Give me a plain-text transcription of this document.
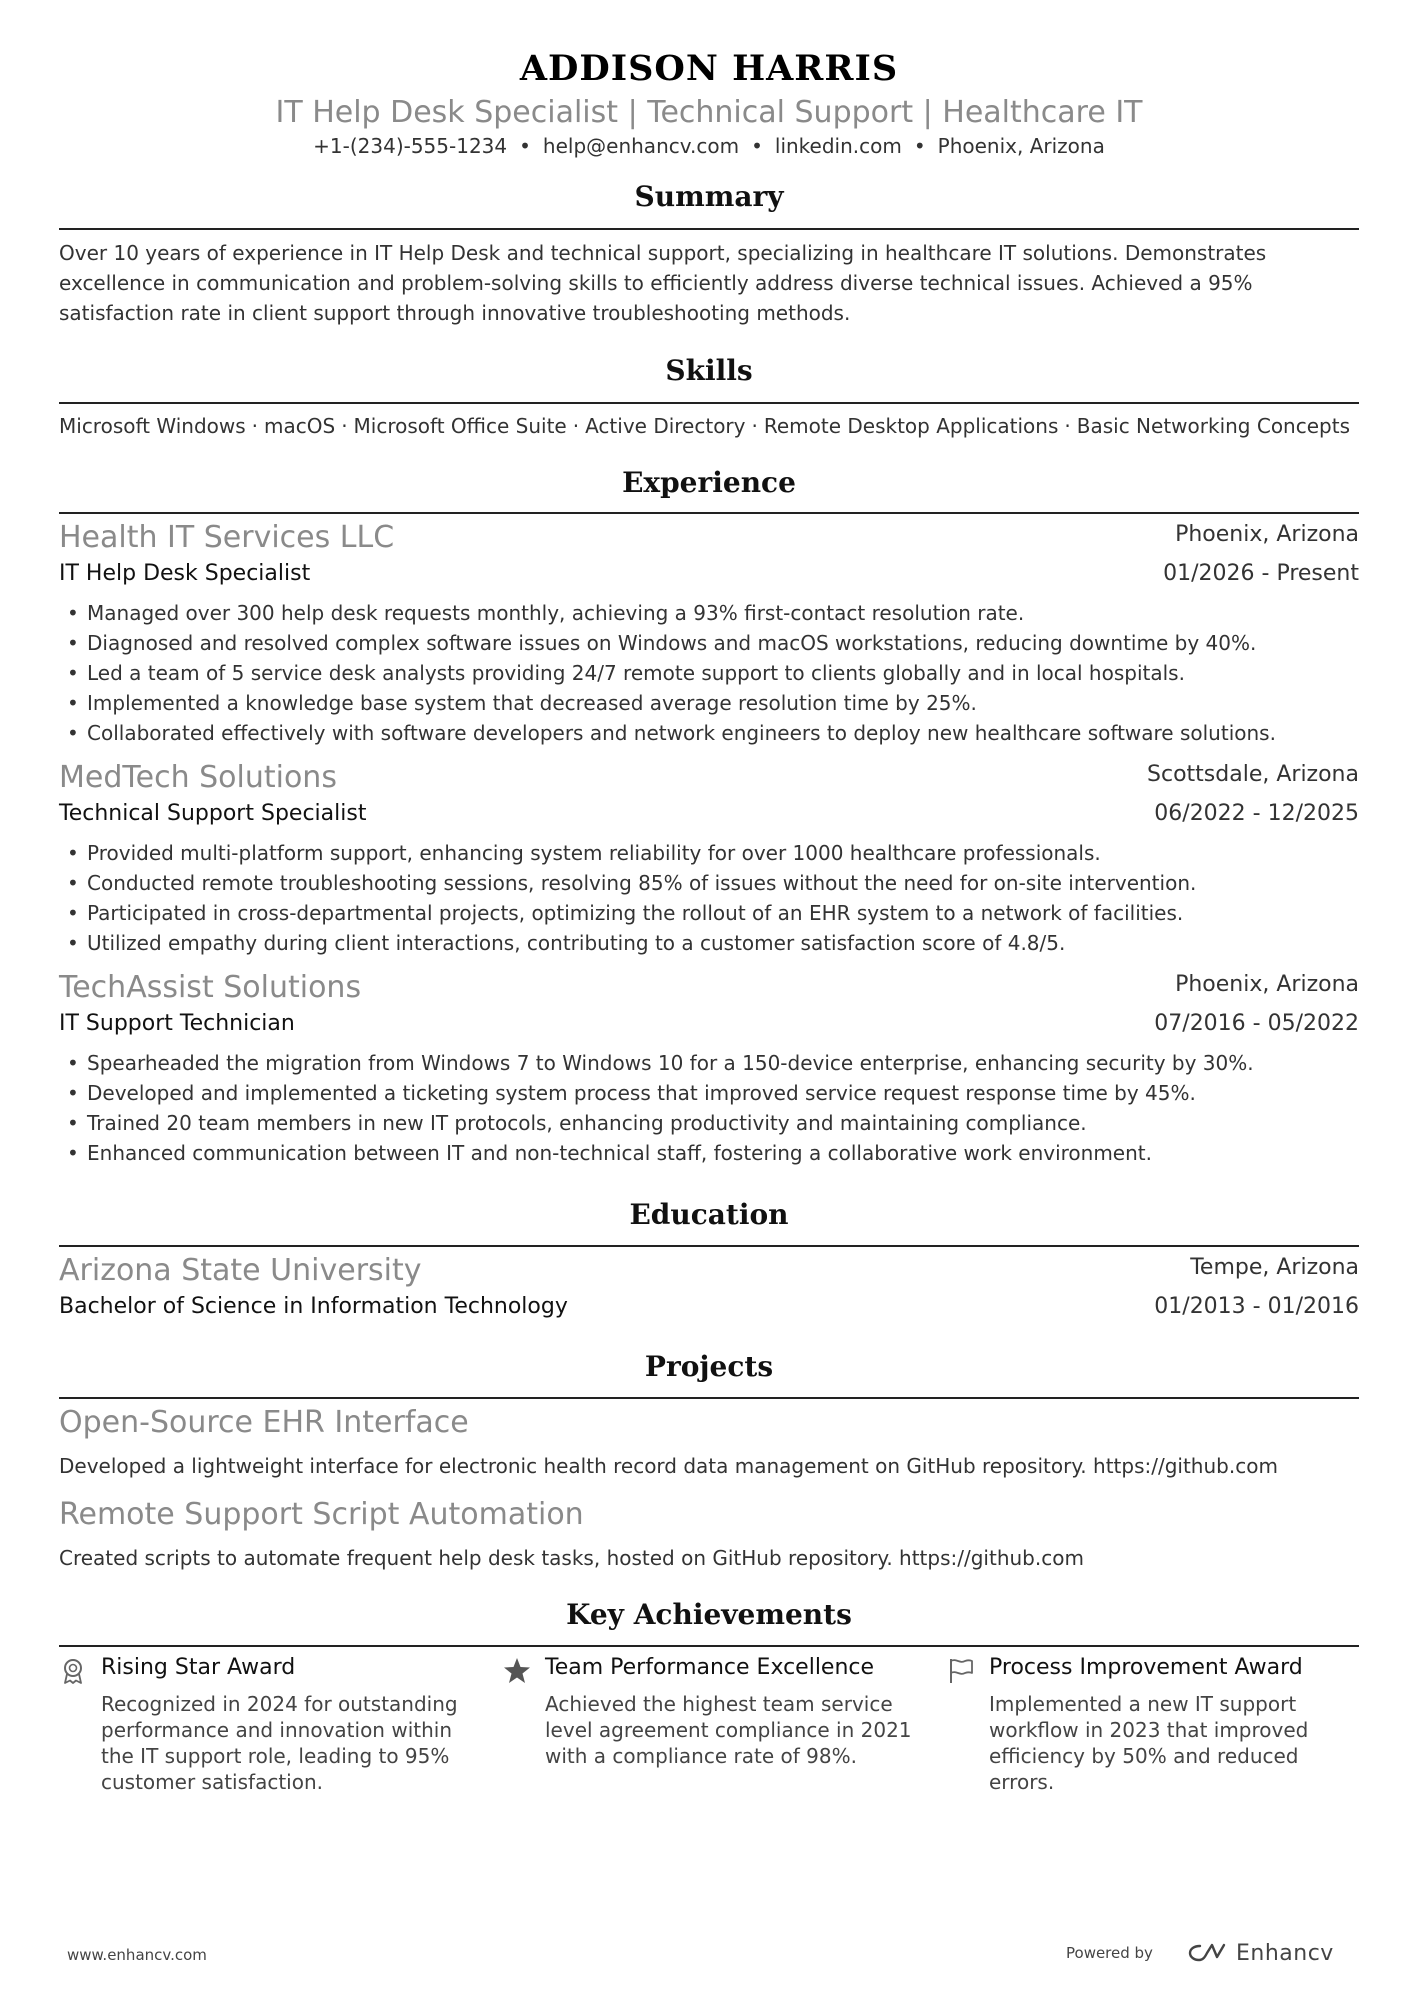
ADDISON HARRIS
IT Help Desk Specialist | Technical Support | Healthcare IT
+1-(234)-555-1234 • help@enhancv.com • linkedin.com • Phoenix, Arizona
Summary
Over 10 years of experience in IT Help Desk and technical support, specializing in healthcare IT solutions. Demonstrates excellence in communication and problem-solving skills to efficiently address diverse technical issues. Achieved a 95% satisfaction rate in client support through innovative troubleshooting methods.
Skills
Microsoft Windows · macOS · Microsoft Office Suite · Active Directory · Remote Desktop Applications · Basic Networking Concepts
Experience
Health IT Services LLC	Phoenix, Arizona
IT Help Desk Specialist	01/2026 - Present
• Managed over 300 help desk requests monthly, achieving a 93% first-contact resolution rate.
• Diagnosed and resolved complex software issues on Windows and macOS workstations, reducing downtime by 40%.
• Led a team of 5 service desk analysts providing 24/7 remote support to clients globally and in local hospitals.
• Implemented a knowledge base system that decreased average resolution time by 25%.
• Collaborated effectively with software developers and network engineers to deploy new healthcare software solutions.
MedTech Solutions	Scottsdale, Arizona
Technical Support Specialist	06/2022 - 12/2025
• Provided multi-platform support, enhancing system reliability for over 1000 healthcare professionals.
• Conducted remote troubleshooting sessions, resolving 85% of issues without the need for on-site intervention.
• Participated in cross-departmental projects, optimizing the rollout of an EHR system to a network of facilities.
• Utilized empathy during client interactions, contributing to a customer satisfaction score of 4.8/5.
TechAssist Solutions	Phoenix, Arizona
IT Support Technician	07/2016 - 05/2022
• Spearheaded the migration from Windows 7 to Windows 10 for a 150-device enterprise, enhancing security by 30%.
• Developed and implemented a ticketing system process that improved service request response time by 45%.
• Trained 20 team members in new IT protocols, enhancing productivity and maintaining compliance.
• Enhanced communication between IT and non-technical staff, fostering a collaborative work environment.
Education
Arizona State University	Tempe, Arizona
Bachelor of Science in Information Technology	01/2013 - 01/2016
Projects
Open-Source EHR Interface
Developed a lightweight interface for electronic health record data management on GitHub repository. https://github.com
Remote Support Script Automation
Created scripts to automate frequent help desk tasks, hosted on GitHub repository. https://github.com
Key Achievements
Rising Star Award
Recognized in 2024 for outstanding performance and innovation within the IT support role, leading to 95% customer satisfaction.
Team Performance Excellence
Achieved the highest team service level agreement compliance in 2021 with a compliance rate of 98%.
Process Improvement Award
Implemented a new IT support workflow in 2023 that improved efficiency by 50% and reduced errors.
www.enhancv.com	Powered by	Enhancv
